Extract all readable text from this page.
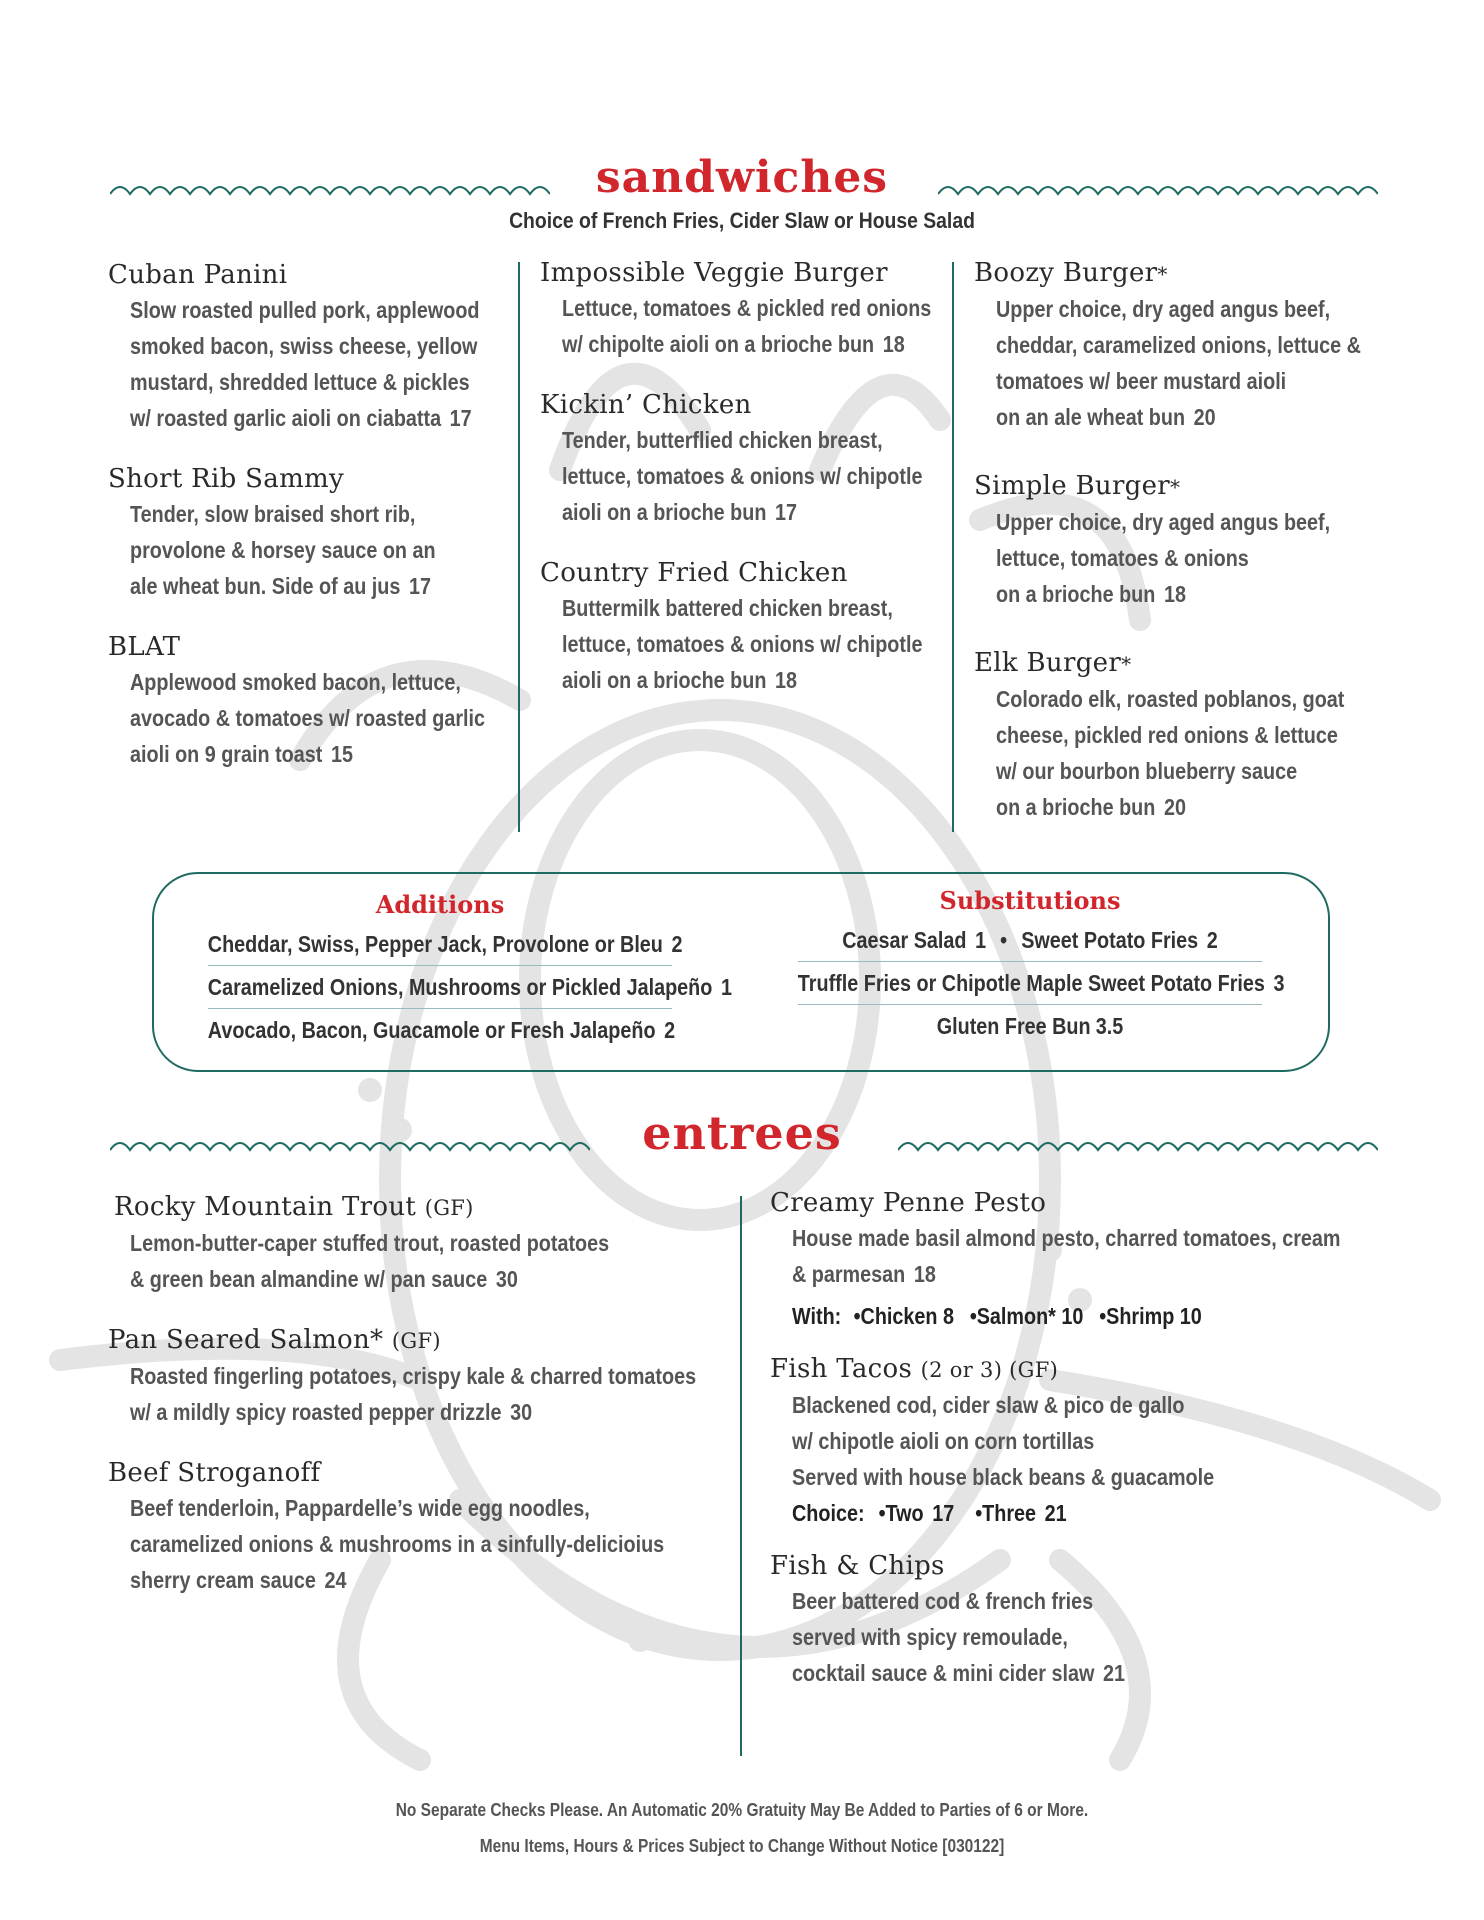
sandwiches
Choice of French Fries, Cider Slaw or House Salad
Cuban Panini
Slow roasted pulled pork, applewood
smoked bacon, swiss cheese, yellow
mustard, shredded lettuce & pickles
w/ roasted garlic aioli on ciabatta 17
Short Rib Sammy
Tender, slow braised short rib,
provolone & horsey sauce on an
ale wheat bun. Side of au jus 17
BLAT
Applewood smoked bacon, lettuce,
avocado & tomatoes w/ roasted garlic
aioli on 9 grain toast 15
Impossible Veggie Burger
Lettuce, tomatoes & pickled red onions
w/ chipolte aioli on a brioche bun 18
Kickin’ Chicken
Tender, butterflied chicken breast,
lettuce, tomatoes & onions w/ chipotle
aioli on a brioche bun 17
Country Fried Chicken
Buttermilk battered chicken breast,
lettuce, tomatoes & onions w/ chipotle
aioli on a brioche bun 18
Boozy Burger*
Upper choice, dry aged angus beef,
cheddar, caramelized onions, lettuce &
tomatoes w/ beer mustard aioli
on an ale wheat bun 20
Simple Burger*
Upper choice, dry aged angus beef,
lettuce, tomatoes & onions
on a brioche bun 18
Elk Burger*
Colorado elk, roasted poblanos, goat
cheese, pickled red onions & lettuce
w/ our bourbon blueberry sauce
on a brioche bun 20
Additions
Cheddar, Swiss, Pepper Jack, Provolone or Bleu 2
Caramelized Onions, Mushrooms or Pickled Jalapeño 1
Avocado, Bacon, Guacamole or Fresh Jalapeño 2
Substitutions
Caesar Salad 1 • Sweet Potato Fries 2
Truffle Fries or Chipotle Maple Sweet Potato Fries 3
Gluten Free Bun 3.5
entrees
Rocky Mountain Trout (GF)
Lemon-butter-caper stuffed trout, roasted potatoes
& green bean almandine w/ pan sauce 30
Pan Seared Salmon* (GF)
Roasted fingerling potatoes, crispy kale & charred tomatoes
w/ a mildly spicy roasted pepper drizzle 30
Beef Stroganoff
Beef tenderloin, Pappardelle’s wide egg noodles,
caramelized onions & mushrooms in a sinfully-delicioius
sherry cream sauce 24
Creamy Penne Pesto
House made basil almond pesto, charred tomatoes, cream
& parmesan 18
With: •Chicken 8 •Salmon* 10 •Shrimp 10
Fish Tacos (2 or 3) (GF)
Blackened cod, cider slaw & pico de gallo
w/ chipotle aioli on corn tortillas
Served with house black beans & guacamole
Choice: •Two 17 •Three 21
Fish & Chips
Beer battered cod & french fries
served with spicy remoulade,
cocktail sauce & mini cider slaw 21
No Separate Checks Please. An Automatic 20% Gratuity May Be Added to Parties of 6 or More.
Menu Items, Hours & Prices Subject to Change Without Notice [030122]
